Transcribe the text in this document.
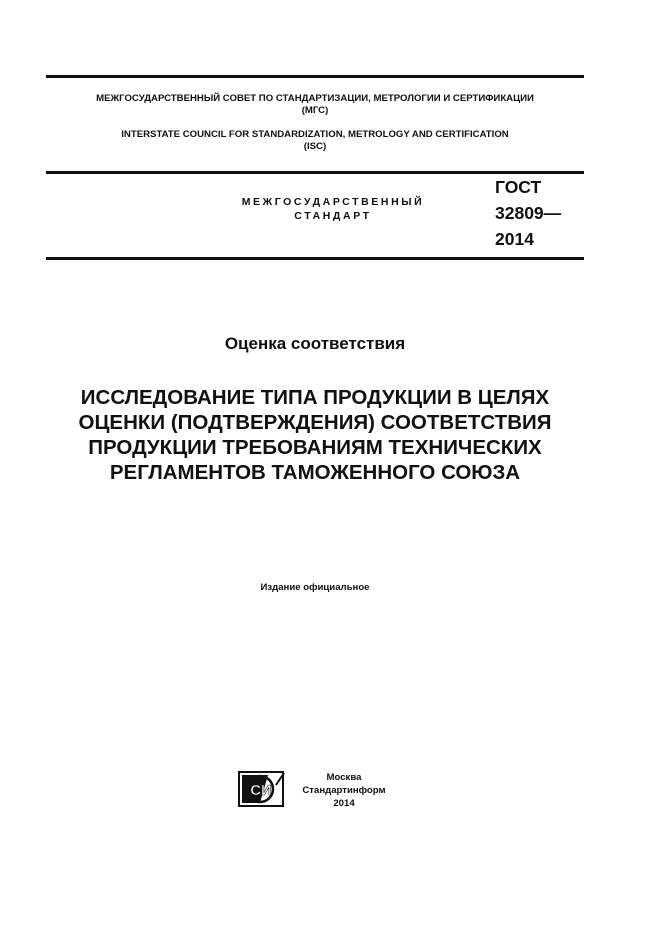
МЕЖГОСУДАРСТВЕННЫЙ СОВЕТ ПО СТАНДАРТИЗАЦИИ, МЕТРОЛОГИИ И СЕРТИФИКАЦИИ
(МГС)
INTERSTATE COUNCIL FOR STANDARDIZATION, METROLOGY AND CERTIFICATION
(ISC)
МЕЖГОСУДАРСТВЕННЫЙ
СТАНДАРТ
ГОСТ
32809—
2014
Оценка соответствия
ИССЛЕДОВАНИЕ ТИПА ПРОДУКЦИИ В ЦЕЛЯХ
ОЦЕНКИ (ПОДТВЕРЖДЕНИЯ) СООТВЕТСТВИЯ
ПРОДУКЦИИ ТРЕБОВАНИЯМ ТЕХНИЧЕСКИХ
РЕГЛАМЕНТОВ ТАМОЖЕННОГО СОЮЗА
Издание официальное
СИ
Москва
Стандартинформ
2014
